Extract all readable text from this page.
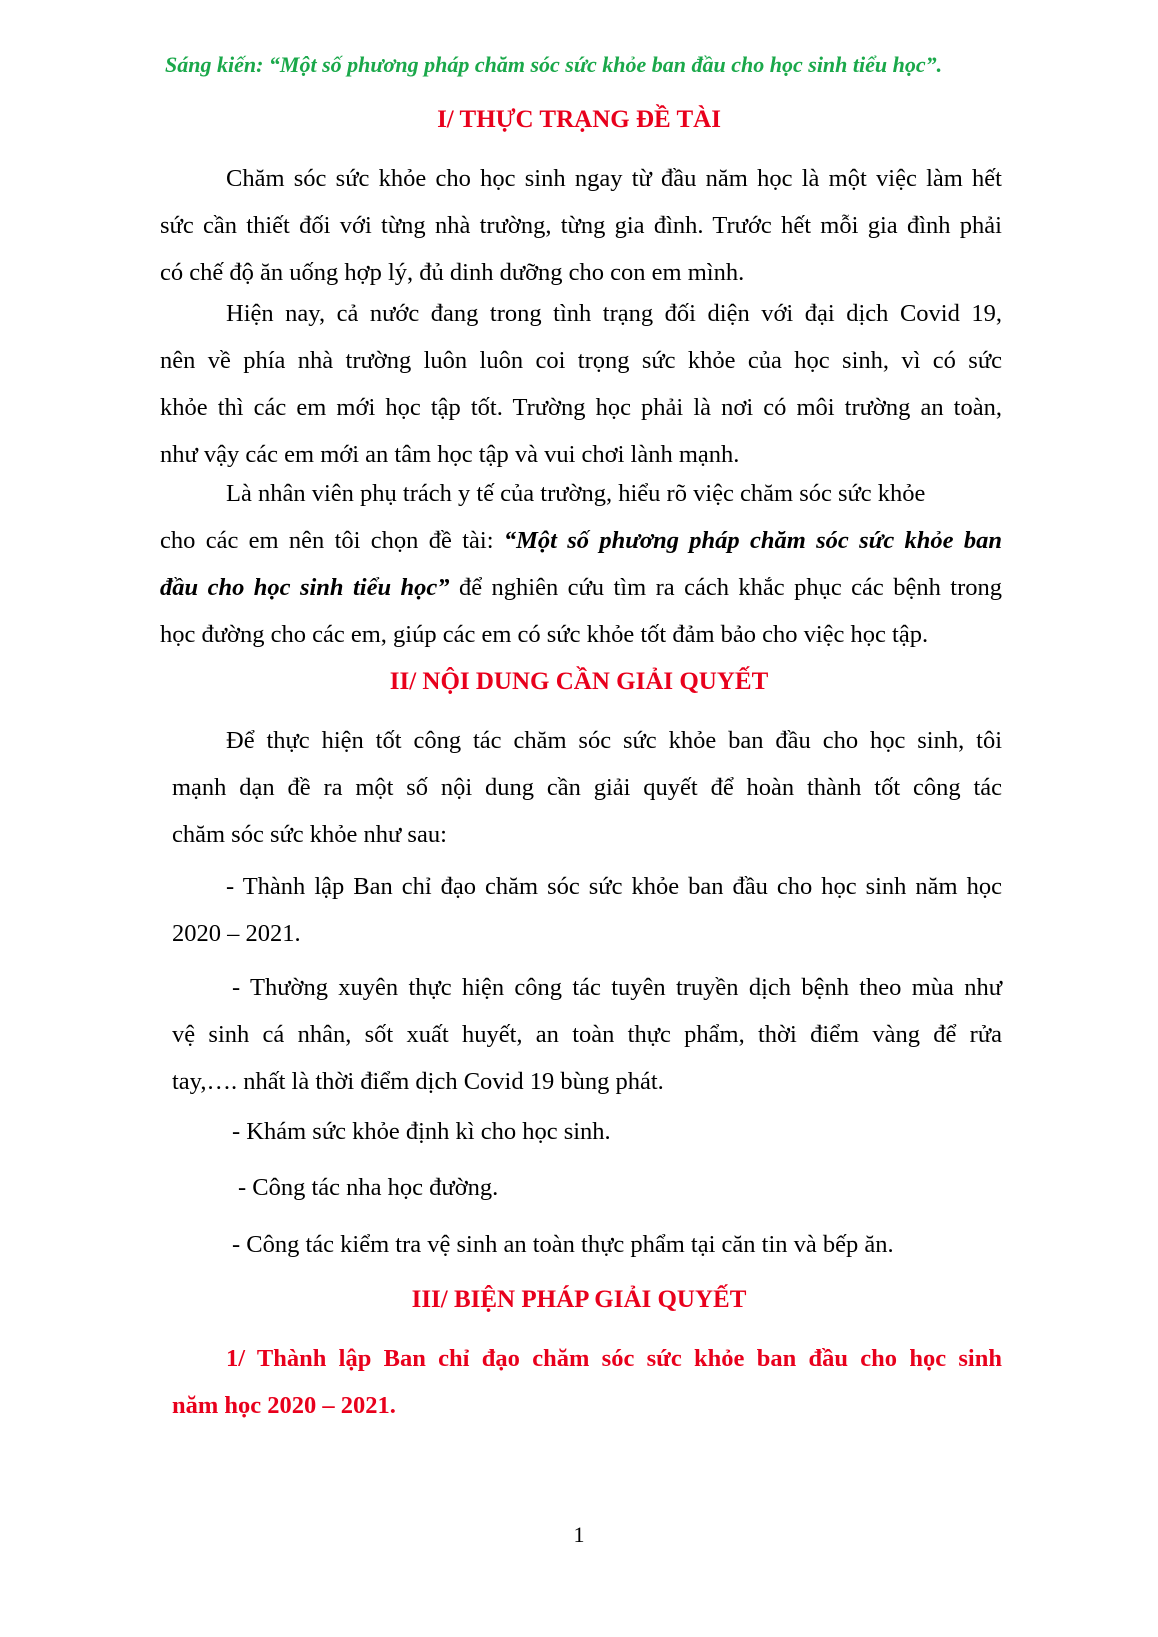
Sáng kiến: “Một số phương pháp chăm sóc sức khỏe ban đầu cho học sinh tiểu học”.
I/ THỰC TRẠNG ĐỀ TÀI
Chăm sóc sức khỏe cho học sinh ngay từ đầu năm học là một việc làm hết
sức cần thiết đối với từng nhà trường, từng gia đình. Trước hết mỗi gia đình phải
có chế độ ăn uống hợp lý, đủ dinh dưỡng cho con em mình.
Hiện nay, cả nước đang trong tình trạng đối diện với đại dịch Covid 19,
nên về phía nhà trường luôn luôn coi trọng sức khỏe của học sinh, vì có sức
khỏe thì các em mới học tập tốt. Trường học phải là nơi có môi trường an toàn,
như vậy các em mới an tâm học tập và vui chơi lành mạnh.
Là nhân viên phụ trách y tế của trường, hiểu rõ việc chăm sóc sức khỏe
cho các em nên tôi chọn đề tài: “Một số phương pháp chăm sóc sức khỏe ban
đầu cho học sinh tiểu học” để nghiên cứu tìm ra cách khắc phục các bệnh trong
học đường cho các em, giúp các em có sức khỏe tốt đảm bảo cho việc học tập.
II/ NỘI DUNG CẦN GIẢI QUYẾT
Để thực hiện tốt công tác chăm sóc sức khỏe ban đầu cho học sinh, tôi
mạnh dạn đề ra một số nội dung cần giải quyết để hoàn thành tốt công tác
chăm sóc sức khỏe như sau:
- Thành lập Ban chỉ đạo chăm sóc sức khỏe ban đầu cho học sinh năm học
2020 – 2021.
- Thường xuyên thực hiện công tác tuyên truyền dịch bệnh theo mùa như
vệ sinh cá nhân, sốt xuất huyết, an toàn thực phẩm, thời điểm vàng để rửa
tay,…. nhất là thời điểm dịch Covid 19 bùng phát.
- Khám sức khỏe định kì cho học sinh.
- Công tác nha học đường.
- Công tác kiểm tra vệ sinh an toàn thực phẩm tại căn tin và bếp ăn.
III/ BIỆN PHÁP GIẢI QUYẾT
1/ Thành lập Ban chỉ đạo chăm sóc sức khỏe ban đầu cho học sinh
năm học 2020 – 2021.
1
